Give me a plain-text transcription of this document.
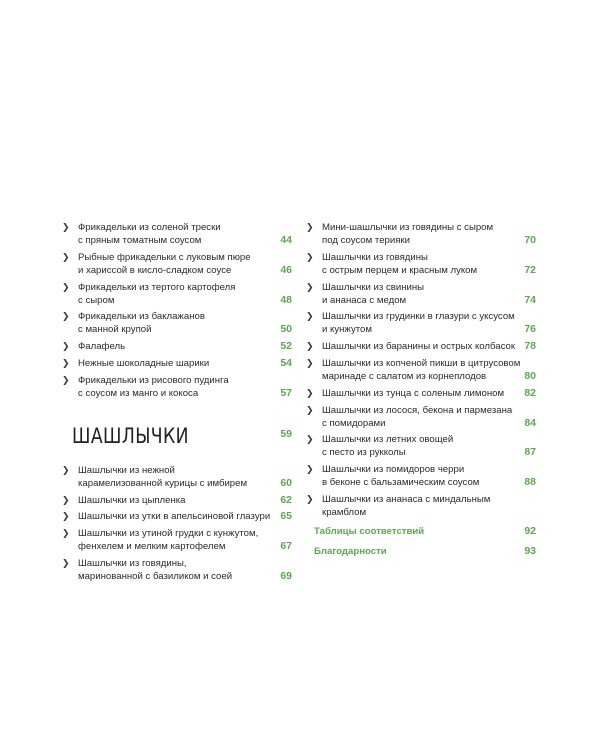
❯ Фрикадельки из соленой трески
с пряным томатным соусом	44
❯ Рыбные фрикадельки с луковым пюре
и хариссой в кисло-сладком соусе	46
❯ Фрикадельки из тертого картофеля
с сыром	48
❯ Фрикадельки из баклажанов
с манной крупой	50
❯ Фалафель	52
❯ Нежные шоколадные шарики	54
❯ Фрикадельки из рисового пудинга
с соусом из манго и кокоса	57
ШАШЛЫЧКИ	59
❯ Шашлычки из нежной
карамелизованной курицы с имбирем	60
❯ Шашлычки из цыпленка	62
❯ Шашлычки из утки в апельсиновой глазури 65
❯ Шашлычки из утиной грудки с кунжутом,
фенхелем и мелким картофелем	67
❯ Шашлычки из говядины,
маринованной с базиликом и соей	69
❯ Мини-шашлычки из говядины с сыром
под соусом терияки	70
❯ Шашлычки из говядины
с острым перцем и красным луком	72
❯ Шашлычки из свинины
и ананаса с медом	74
❯ Шашлычки из грудинки в глазури с уксусом
и кунжутом	76
❯ Шашлычки из баранины и острых колбасок 78
❯ Шашлычки из копченой пикши в цитрусовом
маринаде с салатом из корнеплодов	80
❯ Шашлычки из тунца с соленым лимоном 82
❯ Шашлычки из лосося, бекона и пармезана
с помидорами	84
❯ Шашлычки из летних овощей
с песто из рукколы	87
❯ Шашлычки из помидоров черри
в беконе с бальзамическим соусом	88
❯ Шашлычки из ананаса с миндальным
крамблом
Таблицы соответствий	92
Благодарности	93
